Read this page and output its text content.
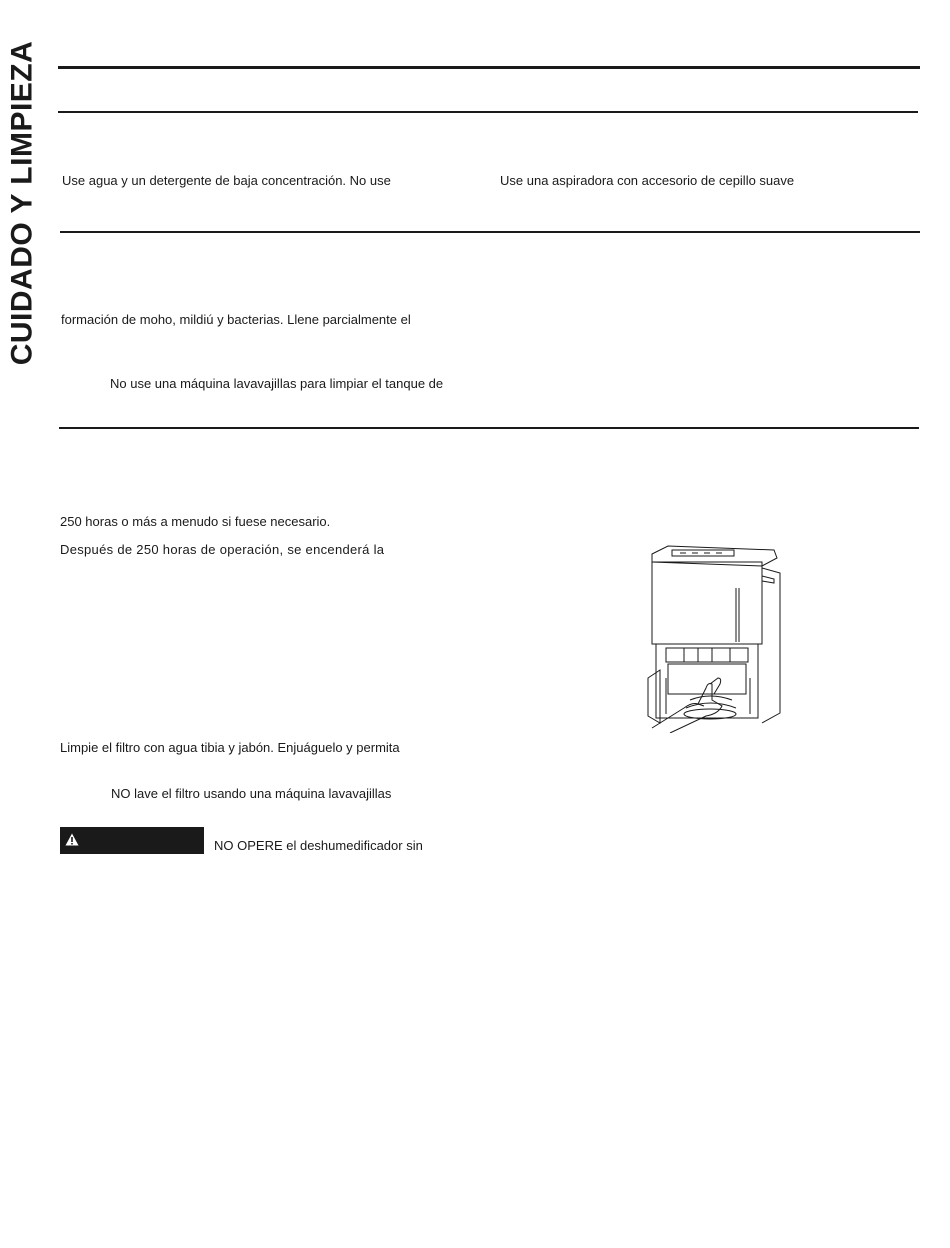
CUIDADO Y LIMPIEZA Use agua y un detergente de baja concentración. No use	Use una aspiradora con accesorio de cepillo suave
formación de moho, mildiú y bacterias. Llene parcialmente el
No use una máquina lavavajillas para limpiar el tanque de
250 horas o más a menudo si fuese necesario.
Después de 250 horas de operación, se encenderá la
Limpie el filtro con agua tibia y jabón. Enjuáguelo y permita
NO lave el filtro usando una máquina lavavajillas
NO OPERE el deshumedificador sin
